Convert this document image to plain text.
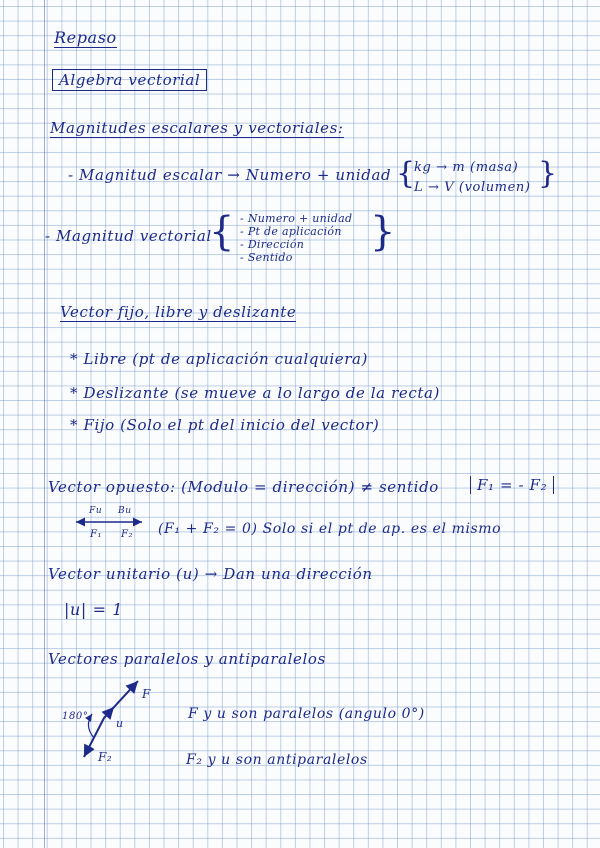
Repaso
Algebra vectorial
Magnitudes escalares y vectoriales:
- Magnitud escalar → Numero + unidad {
kg → m (masa)
L → V (volumen) }
- Magnitud vectorial
{ - Numero + unidad
- Pt de aplicación
- Dirección
- Sentido
}
Vector fijo, libre y deslizante
* Libre (pt de aplicación cualquiera)
* Deslizante (se mueve a lo largo de la recta)
* Fijo (Solo el pt del inicio del vector)
Vector opuesto: (Modulo = dirección) ≠ sentido	F₁ = - F₂
Fu Bu
F₁ F₂ (F₁ + F₂ = 0) Solo si el pt de ap. es el mismo
Vector unitario (u) → Dan una dirección
|u| = 1
Vectores paralelos y antiparalelos
180°
F
u
F₂
F y u son paralelos (angulo 0°)
F₂ y u son antiparalelos
